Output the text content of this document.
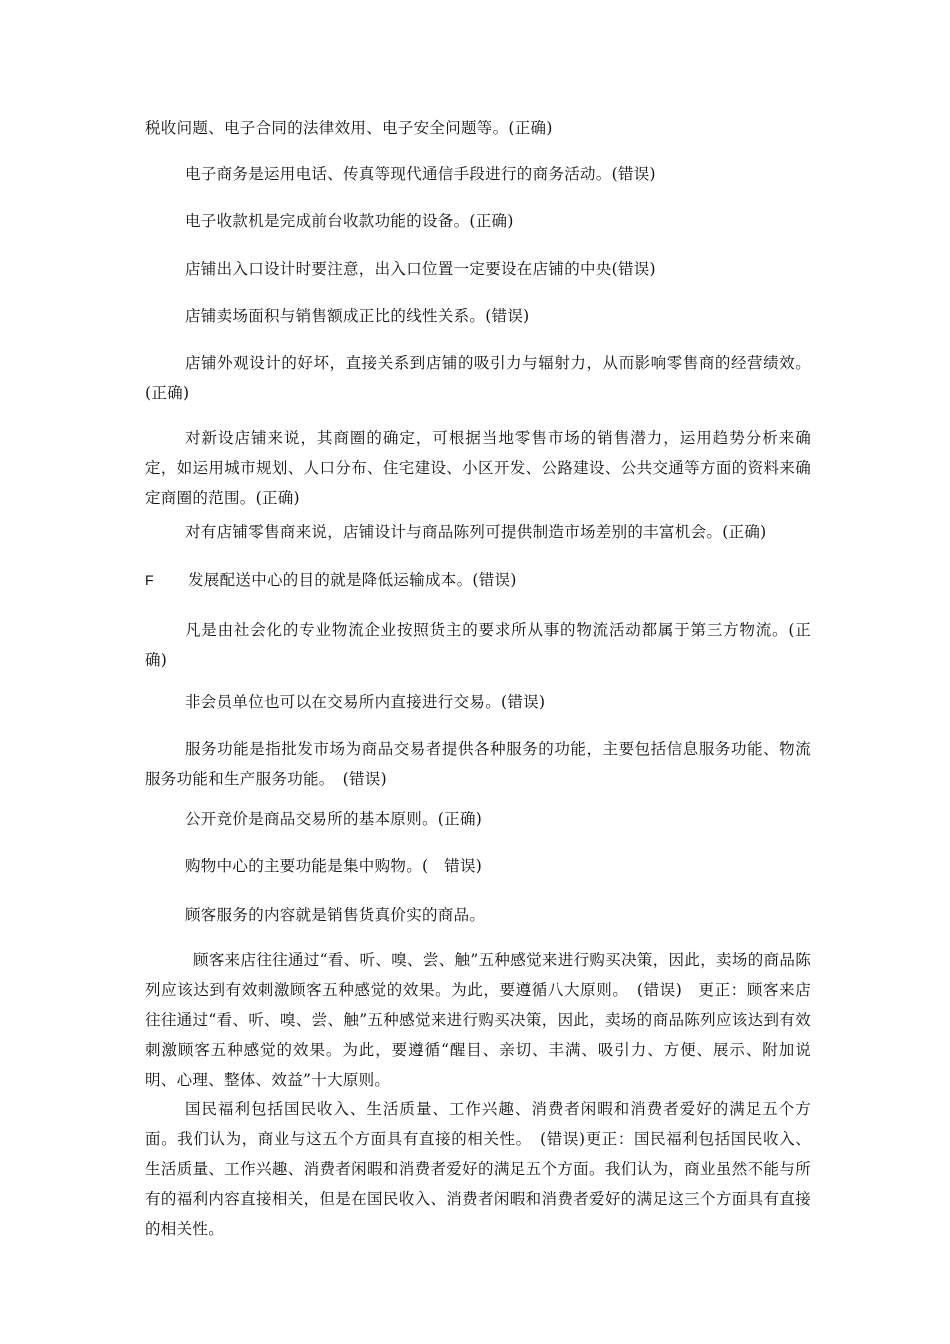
税收问题、电子合同的法律效用、电子安全问题等。(正确)

电子商务是运用电话、传真等现代通信手段进行的商务活动。(错误)

电子收款机是完成前台收款功能的设备。(正确)

店铺出入口设计时要注意，出入口位置一定要设在店铺的中央(错误)

店铺卖场面积与销售额成正比的线性关系。(错误)

店铺外观设计的好坏，直接关系到店铺的吸引力与辐射力，从而影响零售商的经营绩效。(正确)

对新设店铺来说，其商圈的确定，可根据当地零售市场的销售潜力，运用趋势分析来确定，如运用城市规划、人口分布、住宅建设、小区开发、公路建设、公共交通等方面的资料来确定商圈的范围。(正确)

对有店铺零售商来说，店铺设计与商品陈列可提供制造市场差别的丰富机会。(正确)

F 发展配送中心的目的就是降低运输成本。(错误)

凡是由社会化的专业物流企业按照货主的要求所从事的物流活动都属于第三方物流。(正确)

非会员单位也可以在交易所内直接进行交易。(错误)

服务功能是指批发市场为商品交易者提供各种服务的功能，主要包括信息服务功能、物流服务功能和生产服务功能。　(错误)

公开竞价是商品交易所的基本原则。(正确)

购物中心的主要功能是集中购物。(　错误)

顾客服务的内容就是销售货真价实的商品。

顾客来店往往通过“看、听、嗅、尝、触”五种感觉来进行购买决策，因此，卖场的商品陈列应该达到有效刺激顾客五种感觉的效果。为此，要遵循八大原则。　(错误)　更正：顾客来店往往通过“看、听、嗅、尝、触”五种感觉来进行购买决策，因此，卖场的商品陈列应该达到有效刺激顾客五种感觉的效果。为此，要遵循“醒目、亲切、丰满、吸引力、方便、展示、附加说明、心理、整体、效益”十大原则。

国民福利包括国民收入、生活质量、工作兴趣、消费者闲暇和消费者爱好的满足五个方面。我们认为，商业与这五个方面具有直接的相关性。　(错误)更正：国民福利包括国民收入、生活质量、工作兴趣、消费者闲暇和消费者爱好的满足五个方面。我们认为，商业虽然不能与所有的福利内容直接相关，但是在国民收入、消费者闲暇和消费者爱好的满足这三个方面具有直接的相关性。
